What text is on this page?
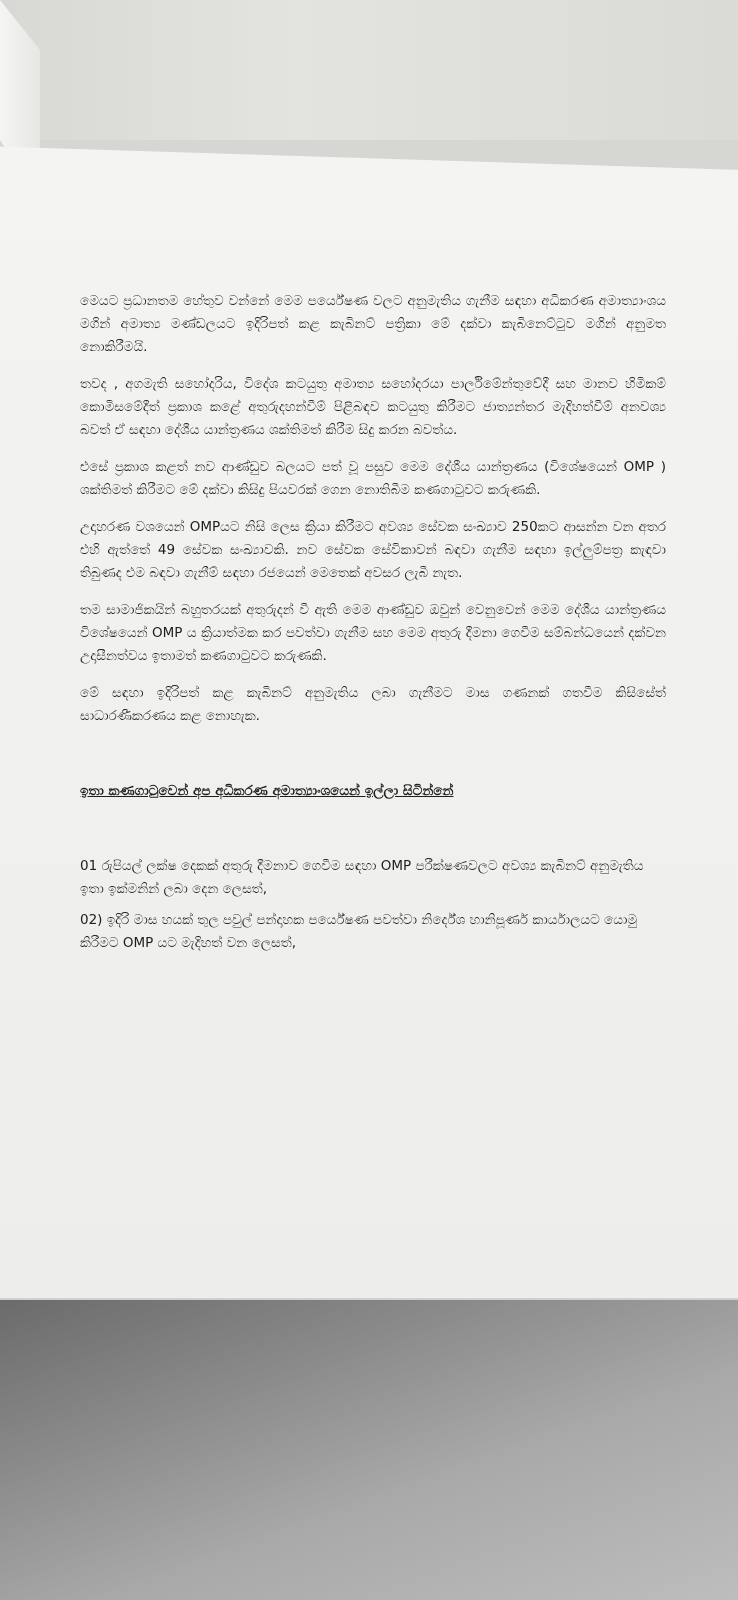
මෙයට ප්‍රධානතම හේතුව වන්නේ මෙම පර්යේෂණ වලට අනුමැතිය ගැනීම සඳහා අධිකරණ අමාත්‍යාංශය මගින් අමාත්‍ය මණ්ඩලයට ඉදිරිපත් කළ කැබිනට් පත්‍රිකා මේ දක්වා කැබිනෙට්ටුව මගින් අනුමත නොකිරීමයි.

තවද , අගමැති සහෝදරිය, විදේශ කටයුතු අමාත්‍ය සහෝදරයා පාර්ලිමේන්තුවේදී සහ මානව හිමිකම් කොමිසමේදීත් ප්‍රකාශ කළේ අතුරුදහන්වීම් පිළිබඳව කටයුතු කිරීමට ජාත්‍යන්තර මැදිහත්වීම් අනවශ්‍ය බවත් ඒ සඳහා දේශීය යාන්ත්‍රණය ශක්තිමත් කිරීම සිදු කරන බවත්ය.

එසේ ප්‍රකාශ කළත් නව ආණ්ඩුව බලයට පත් වූ පසුව මෙම දේශීය යාන්ත්‍රණය (විශේෂයෙන් OMP ) ශක්තිමත් කිරීමට මේ දක්වා කිසිදු පියවරක් ගෙන නොතිබීම කණගාටුවට කරුණකි.

උදාහරණ වශයෙන් OMPයට නිසි ලෙස ක්‍රියා කිරීමට අවශ්‍ය සේවක සංඛ්‍යාව 250කට ආසන්න වන අතර එහි ඇත්තේ 49 සේවක සංඛ්‍යාවකි. නව සේවක සේවිකාවන් බඳවා ගැනීම සඳහා ඉල්ලුම්පත්‍ර කැඳවා තිබුණද එම බඳවා ගැනීම් සඳහා රජයෙන් මෙතෙක් අවසර ලැබී නැත.

තම සාමාජිකයින් බහුතරයක් අතුරුදන් වී ඇති මෙම ආණ්ඩුව ඔවුන් වෙනුවෙන් මෙම දේශීය යාන්ත්‍රණය විශේෂයෙන් OMP ය ක්‍රියාත්මක කර පවත්වා ගැනීම සහ මෙම අතුරු දීමනා ගෙවීම සම්බන්ධයෙන් දක්වන උදාසීනත්වය ඉතාමත් කණගාටුවට කරුණකි.

මේ සඳහා ඉදිරිපත් කළ කැබිනට් අනුමැතිය ලබා ගැනීමට මාස ගණනක් ගතවීම කිසිසේත් සාධාරණීකරණය කළ නොහැක.

ඉතා කණගාටුවෙන් අප අධිකරණ අමාත්‍යාංශයෙන් ඉල්ලා සිටින්නේ

01 රුපියල් ලක්ෂ දෙකක් අතුරු දීමනාව ගෙවීම සඳහා OMP පරීක්ෂණවලට අවශ්‍ය කැබිනට් අනුමැතිය ඉතා ඉක්මනින් ලබා දෙන ලෙසත්,

02) ඉදිරි මාස හයක් තුල පවුල් පන්දාහක පර්යේෂණ පවත්වා නිර්දේශ හානිපූර්ණ කාර්යාලයට යොමු කිරීමට OMP යට මැදිහත් වන ලෙසත්,
